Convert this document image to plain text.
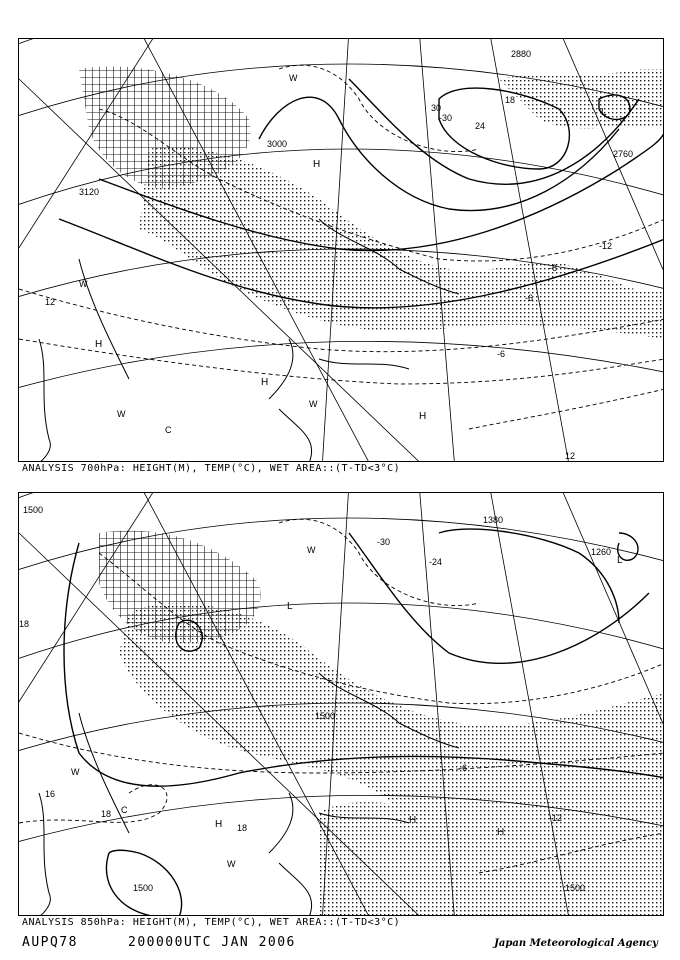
3000
3120
2760
2880
12
-12
12
-6
-6
-6
18
-30
30
24
H
H
H
H
W
W
W
W
C
L
ANALYSIS 700hPa: HEIGHT(M), TEMP(°C), WET AREA::(T-TD<3°C)
1500
1500
1500	1500
1380
1260
18
18
18
16
-30
-24
-12
-6
H
H
H
W
W
W
C
L
L
L
ANALYSIS 850hPa: HEIGHT(M), TEMP(°C), WET AREA::(T-TD<3°C)
AUPQ78	200000UTC JAN 2006	Japan Meteorological Agency
